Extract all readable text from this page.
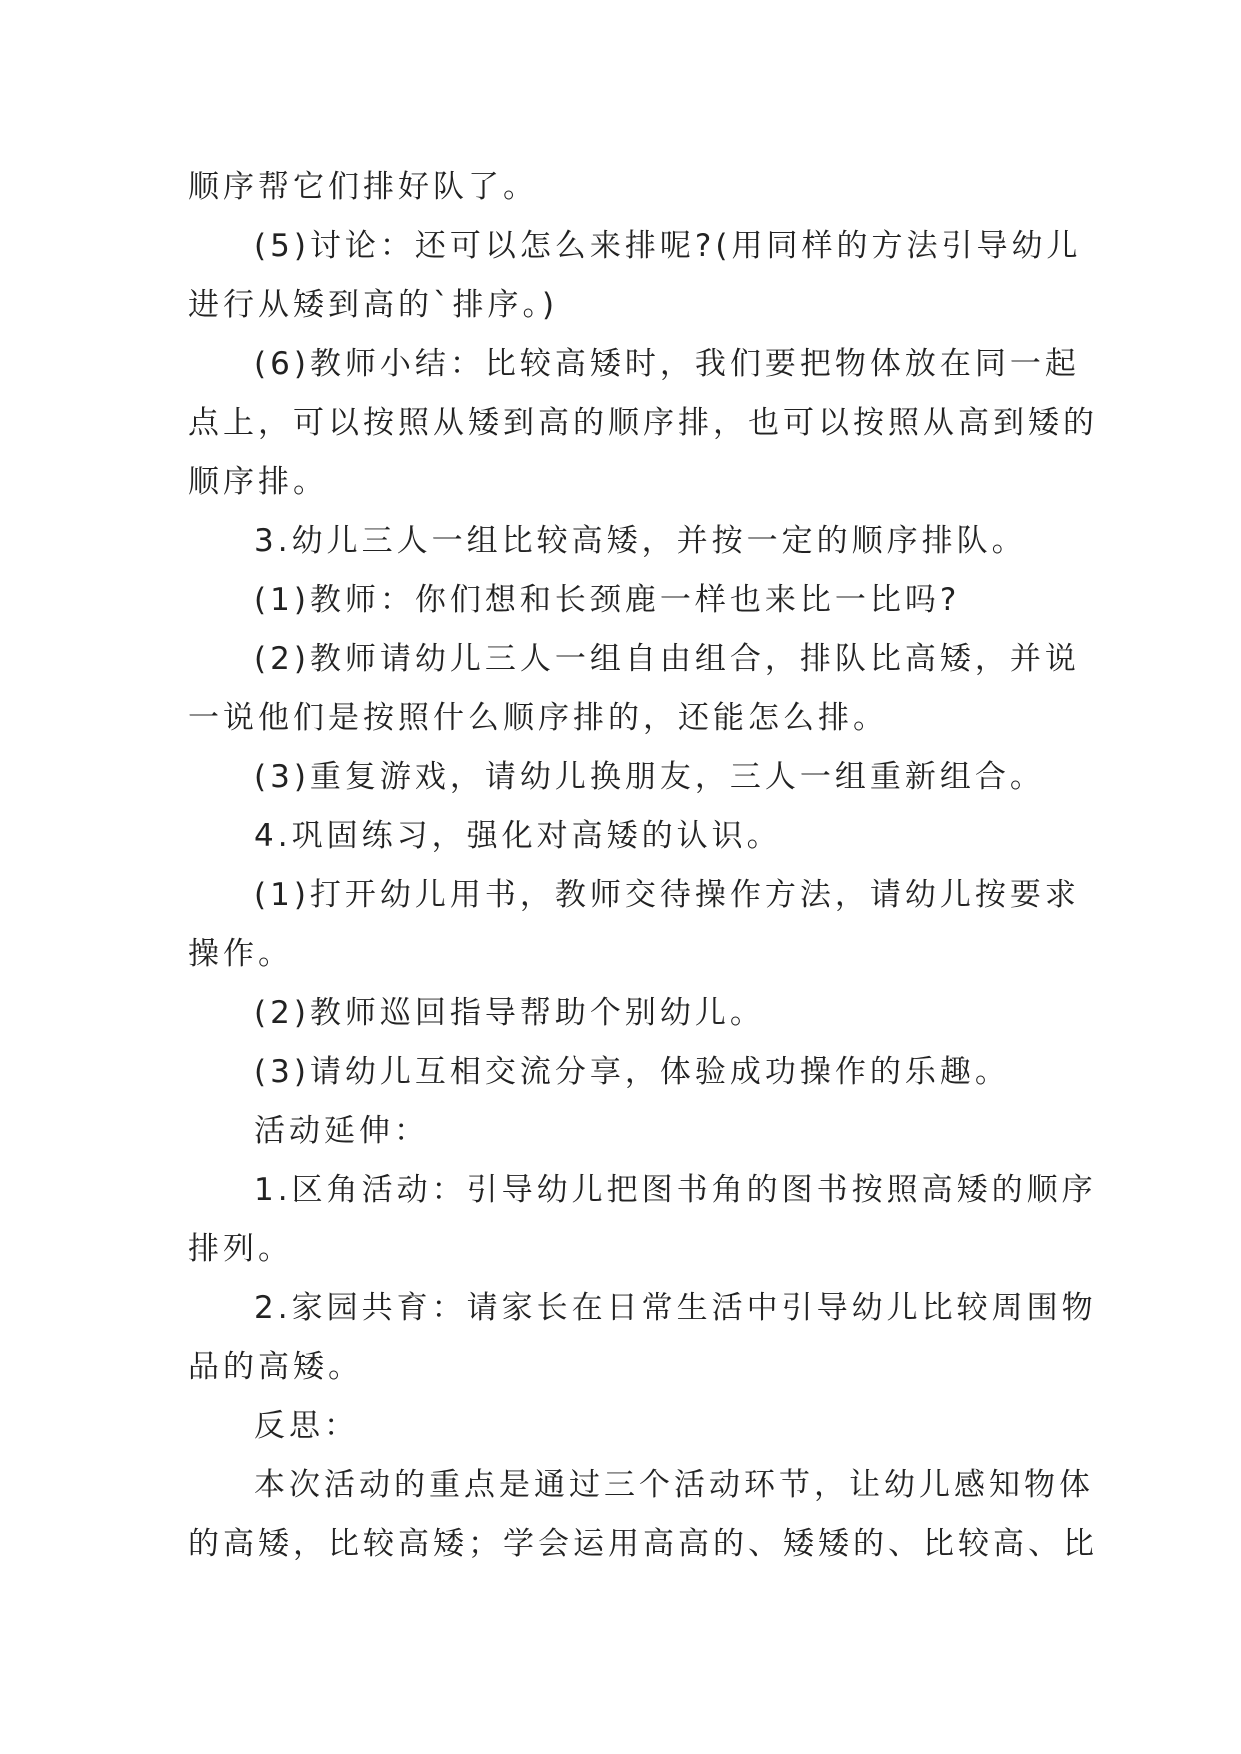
顺序帮它们排好队了。
(5)讨论：还可以怎么来排呢?(用同样的方法引导幼儿
进行从矮到高的`排序。)
(6)教师小结：比较高矮时，我们要把物体放在同一起
点上，可以按照从矮到高的顺序排，也可以按照从高到矮的
顺序排。
3.幼儿三人一组比较高矮，并按一定的顺序排队。
(1)教师：你们想和长颈鹿一样也来比一比吗?
(2)教师请幼儿三人一组自由组合，排队比高矮，并说
一说他们是按照什么顺序排的，还能怎么排。
(3)重复游戏，请幼儿换朋友，三人一组重新组合。
4.巩固练习，强化对高矮的认识。
(1)打开幼儿用书，教师交待操作方法，请幼儿按要求
操作。
(2)教师巡回指导帮助个别幼儿。
(3)请幼儿互相交流分享，体验成功操作的乐趣。
活动延伸：
1.区角活动：引导幼儿把图书角的图书按照高矮的顺序
排列。
2.家园共育：请家长在日常生活中引导幼儿比较周围物
品的高矮。
反思：
本次活动的重点是通过三个活动环节，让幼儿感知物体
的高矮，比较高矮；学会运用高高的、矮矮的、比较高、比
